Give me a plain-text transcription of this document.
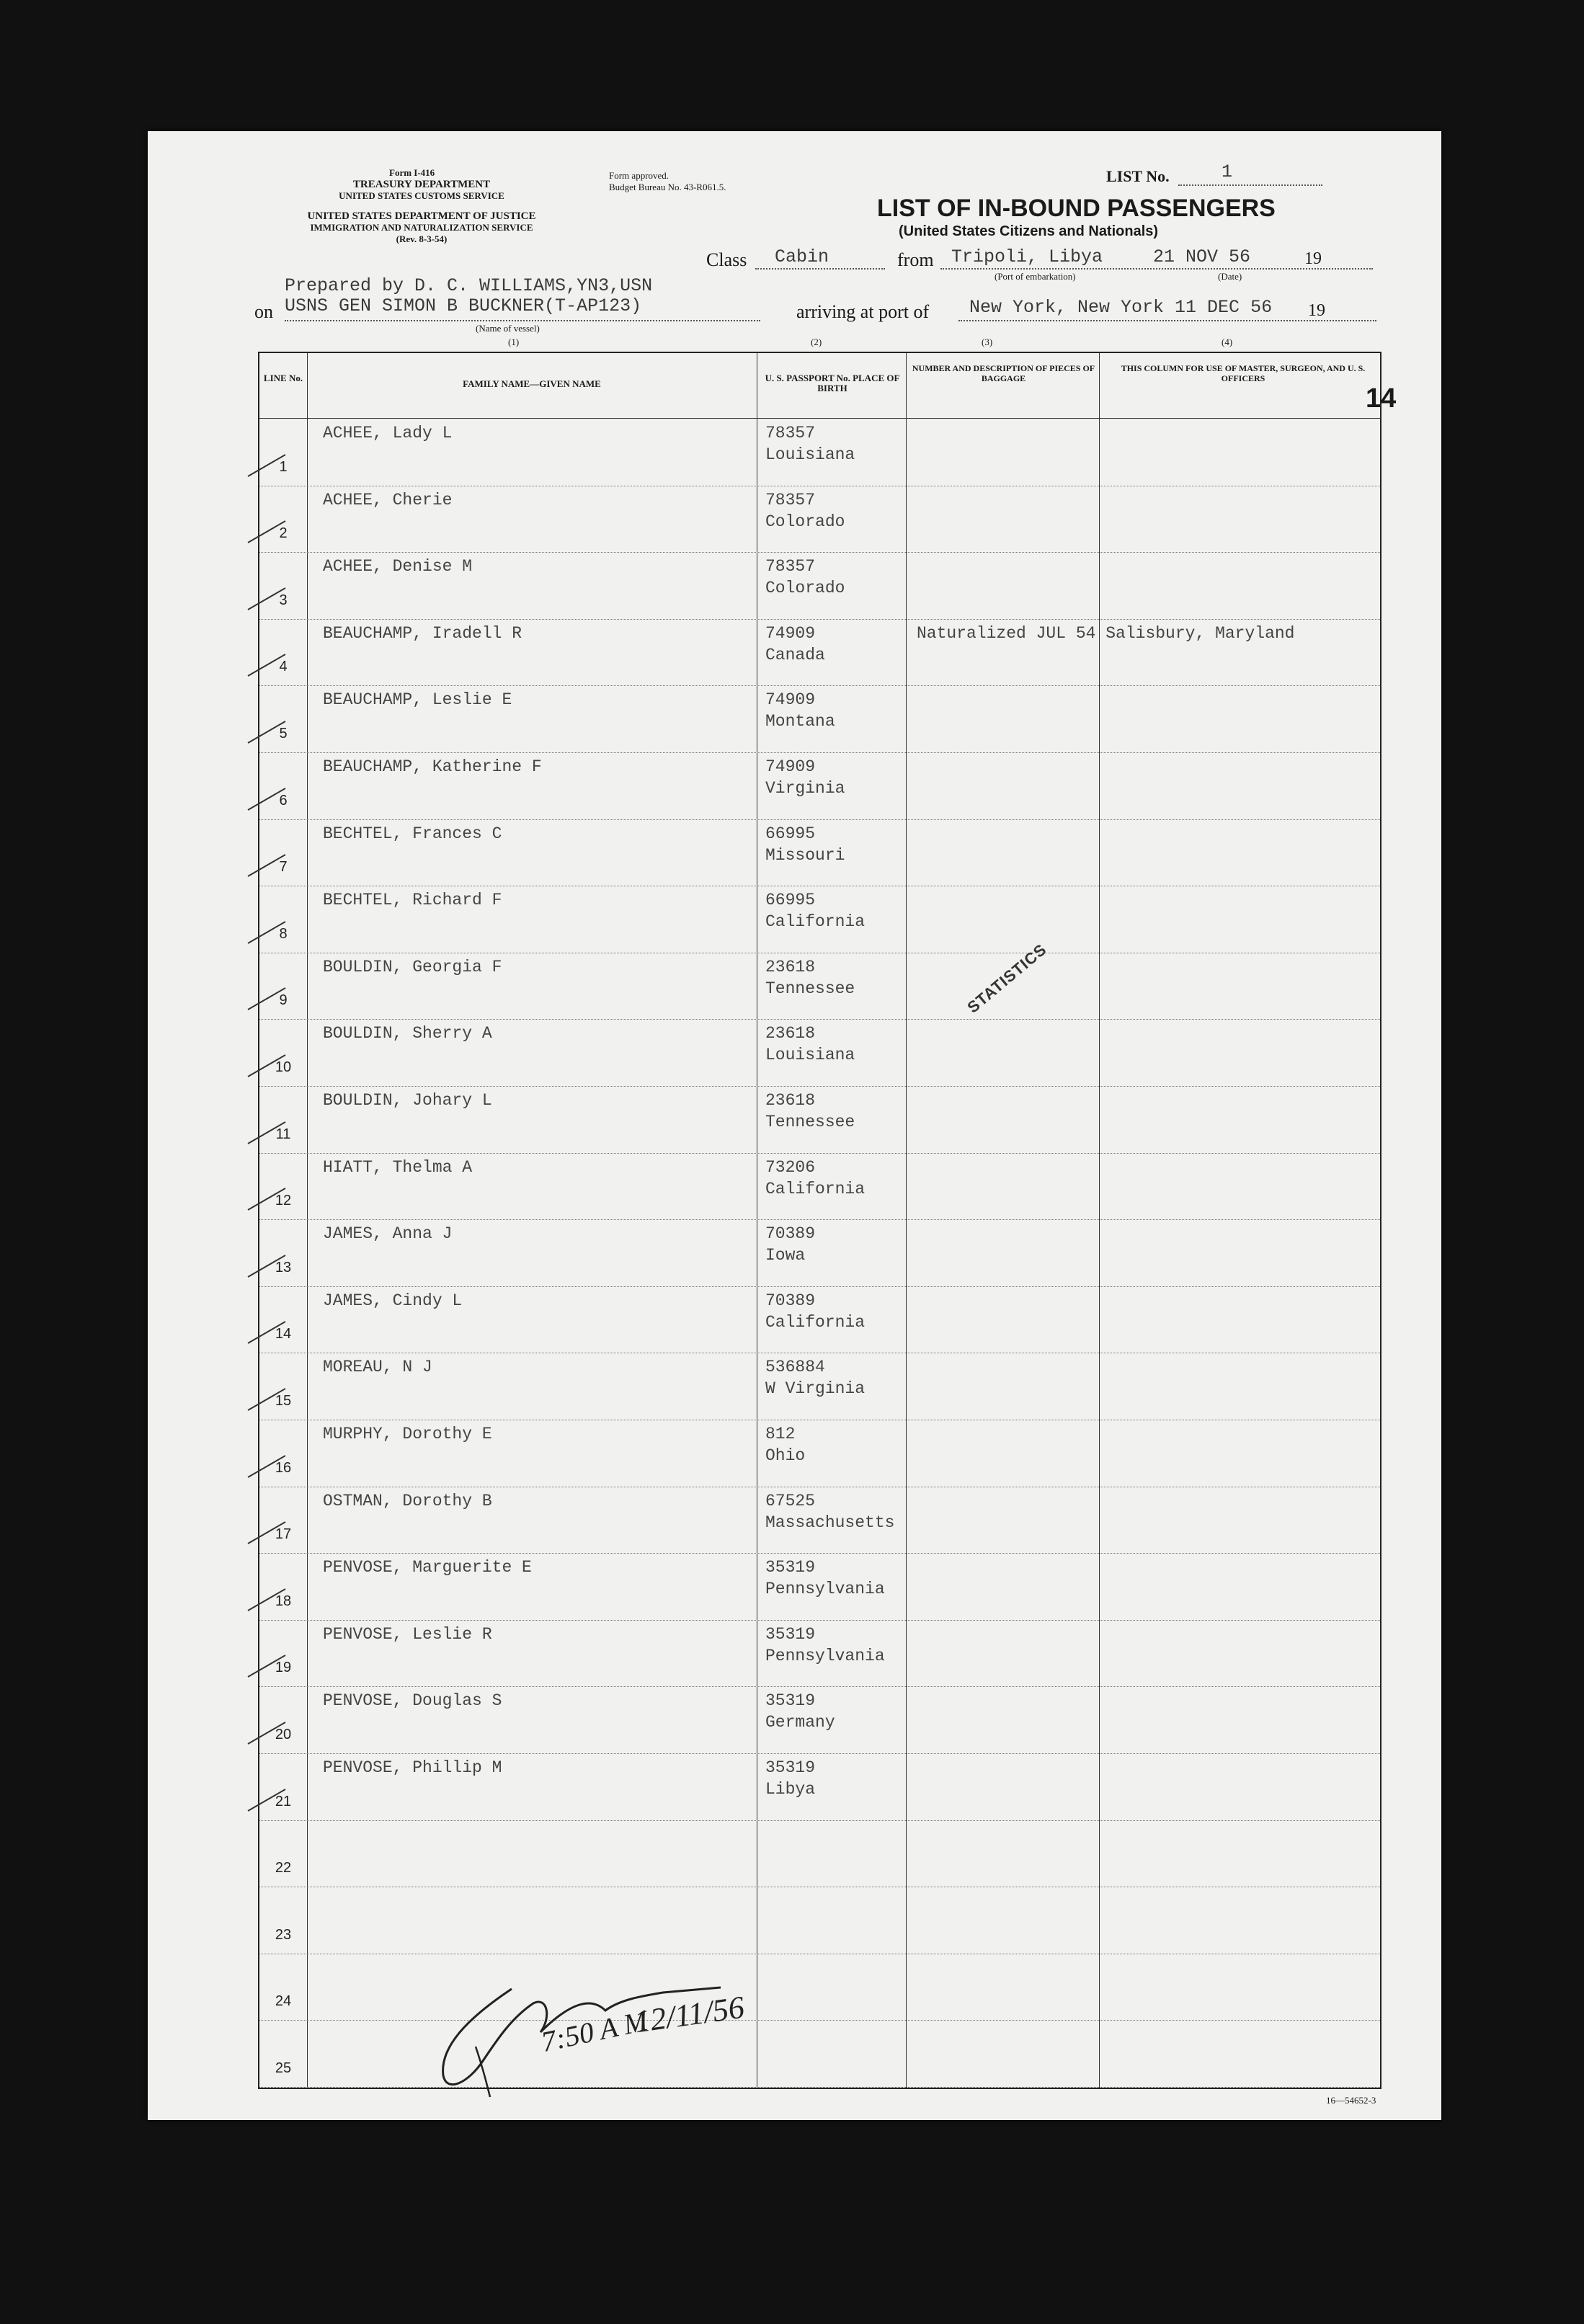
Form I-416
TREASURY DEPARTMENT
UNITED STATES CUSTOMS SERVICE
UNITED STATES DEPARTMENT OF JUSTICE
IMMIGRATION AND NATURALIZATION SERVICE
(Rev. 8-3-54)
Form approved.
Budget Bureau No. 43-R061.5.
LIST No.	1
LIST OF IN-BOUND PASSENGERS
(United States Citizens and Nationals)
Class Cabin	from Tripoli, Libya	21 NOV 56	19
(Port of embarkation)	(Date)
Prepared by D. C. WILLIAMS,YN3,USN
on USNS GEN SIMON B BUCKNER(T-AP123)	arriving at port of New York, New York 11 DEC 56 19
(Name of vessel)
(1)	(2)	(3)	(4)
14
LINE No.
FAMILY NAME—GIVEN NAME
U. S. PASSPORT No. PLACE OF BIRTH
NUMBER AND DESCRIPTION OF PIECES OF BAGGAGE
THIS COLUMN FOR USE OF MASTER, SURGEON, AND U. S. OFFICERS
1
ACHEE, Lady L	78357
Louisiana
2
ACHEE, Cherie	78357
Colorado
3
ACHEE, Denise M	78357
Colorado
4
BEAUCHAMP, Iradell R	74909
Canada
Naturalized JUL 54 Salisbury, Maryland
5
BEAUCHAMP, Leslie E	74909
Montana
6
BEAUCHAMP, Katherine F	74909
Virginia
7
BECHTEL, Frances C	66995
Missouri
8
BECHTEL, Richard F	66995
California
9
BOULDIN, Georgia F	23618
Tennessee
10
BOULDIN, Sherry A	23618
Louisiana
11
BOULDIN, Johary L	23618
Tennessee
12
HIATT, Thelma A	73206
California
13
JAMES, Anna J	70389
Iowa
14
JAMES, Cindy L	70389
California
15
MOREAU, N J	536884
W Virginia
16
MURPHY, Dorothy E	812
Ohio
17
OSTMAN, Dorothy B	67525
Massachusetts
18
PENVOSE, Marguerite E	35319
Pennsylvania
19
PENVOSE, Leslie R	35319
Pennsylvania
20
PENVOSE, Douglas S	35319
Germany
21
PENVOSE, Phillip M	35319
Libya
22
23
24
25
STATISTICS
7:50 A M
12/11/56
16—54652-3
